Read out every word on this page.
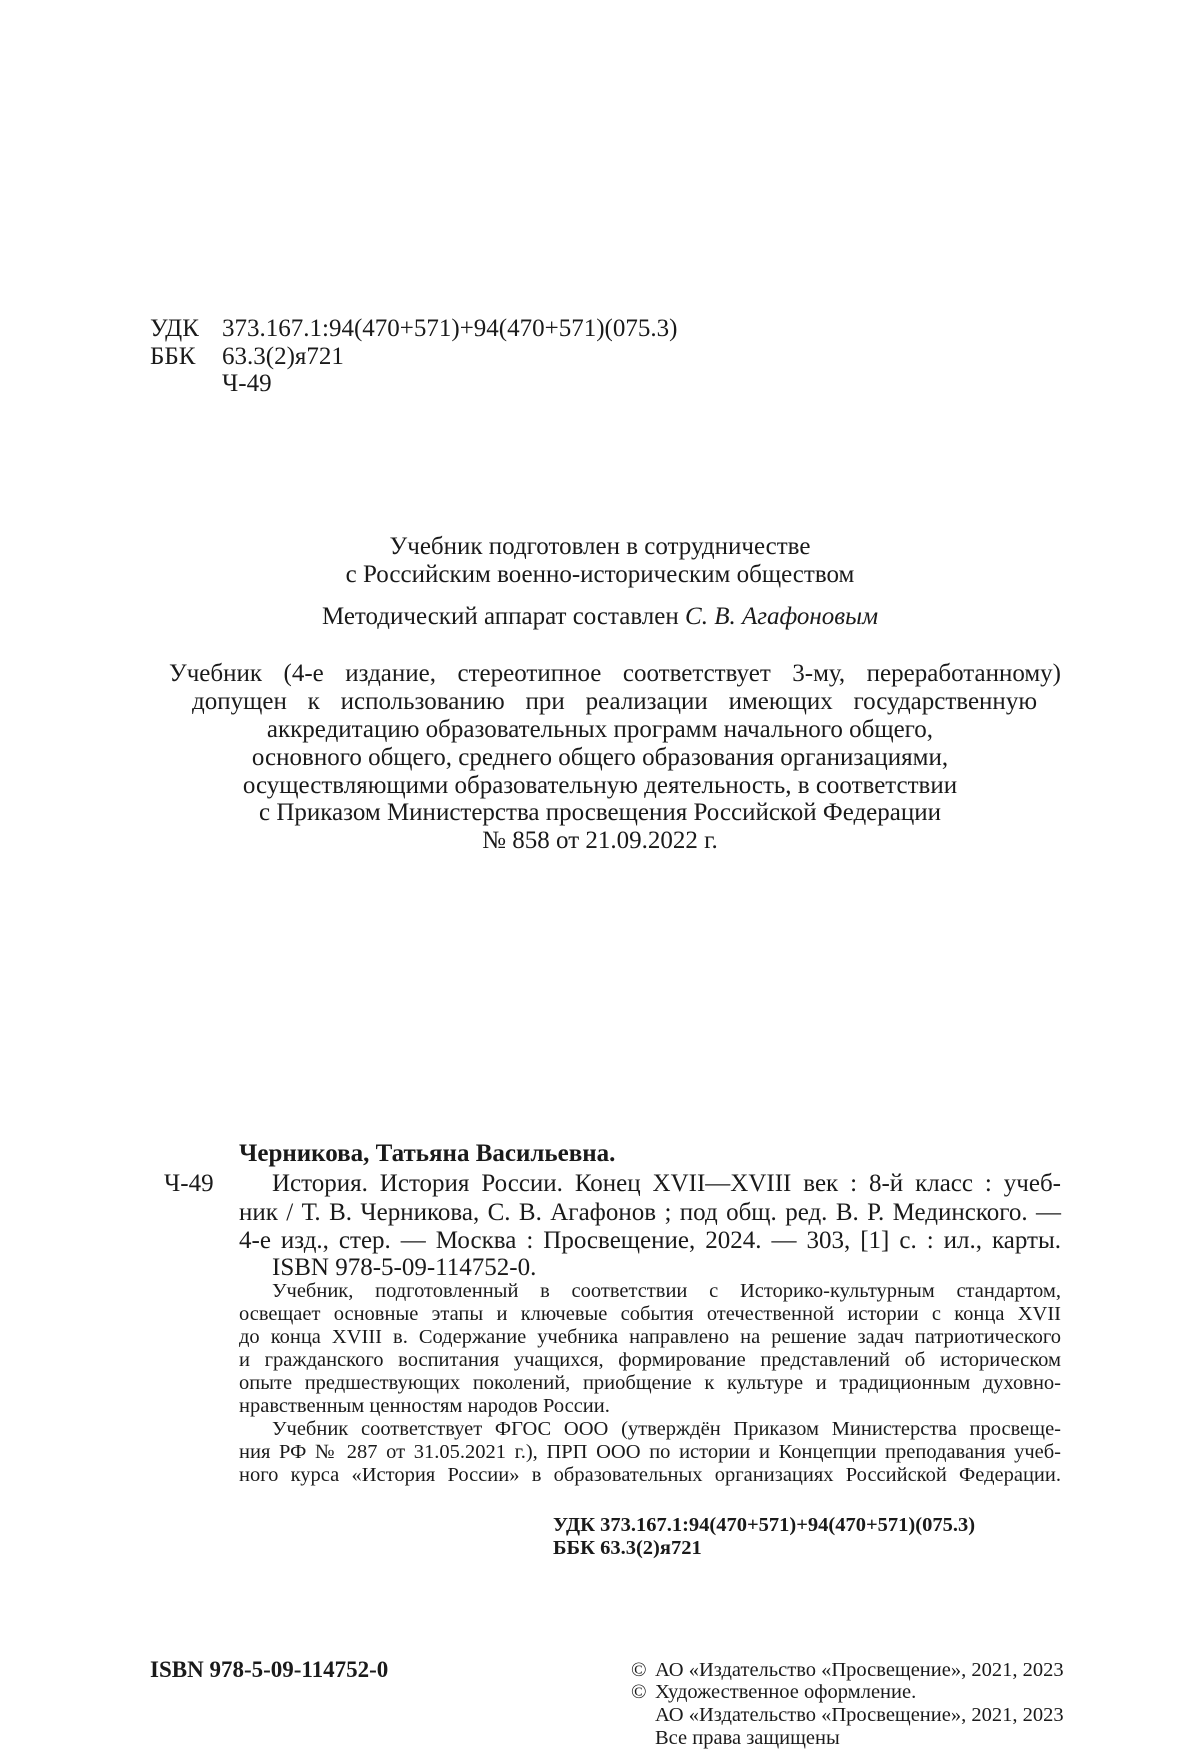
УДК 373.167.1:94(470+571)+94(470+571)(075.3)
ББК 63.3(2)я721
Ч-49
Учебник подготовлен в сотрудничестве
с Российским военно-историческим обществом
Методический аппарат составлен С. В. Агафоновым
Учебник (4-е издание, стереотипное соответствует 3-му, переработанному)
допущен к использованию при реализации имеющих государственную
аккредитацию образовательных программ начального общего,
основного общего, среднего общего образования организациями,
осуществляющими образовательную деятельность, в соответствии
с Приказом Министерства просвещения Российской Федерации
№ 858 от 21.09.2022 г.
Черникова, Татьяна Васильевна.
Ч-49 История. История России. Конец XVII—XVIII век : 8-й класс : учеб-
ник / Т. В. Черникова, С. В. Агафонов ; под общ. ред. В. Р. Мединского. —
4-е изд., стер. — Москва : Просвещение, 2024. — 303, [1] с. : ил., карты.
ISBN 978-5-09-114752-0.
Учебник, подготовленный в соответствии с Историко-культурным стандартом,
освещает основные этапы и ключевые события отечественной истории с конца XVII
до конца XVIII в. Содержание учебника направлено на решение задач патриотического
и гражданского воспитания учащихся, формирование представлений об историческом
опыте предшествующих поколений, приобщение к культуре и традиционным духовно-
нравственным ценностям народов России.
Учебник соответствует ФГОС ООО (утверждён Приказом Министерства просвеще-
ния РФ № 287 от 31.05.2021 г.), ПРП ООО по истории и Концепции преподавания учеб-
ного курса «История России» в образовательных организациях Российской Федерации.
УДК 373.167.1:94(470+571)+94(470+571)(075.3)
ББК 63.3(2)я721
ISBN 978-5-09-114752-0	© АО «Издательство «Просвещение», 2021, 2023
© Художественное оформление.
АО «Издательство «Просвещение», 2021, 2023
Все права защищены
